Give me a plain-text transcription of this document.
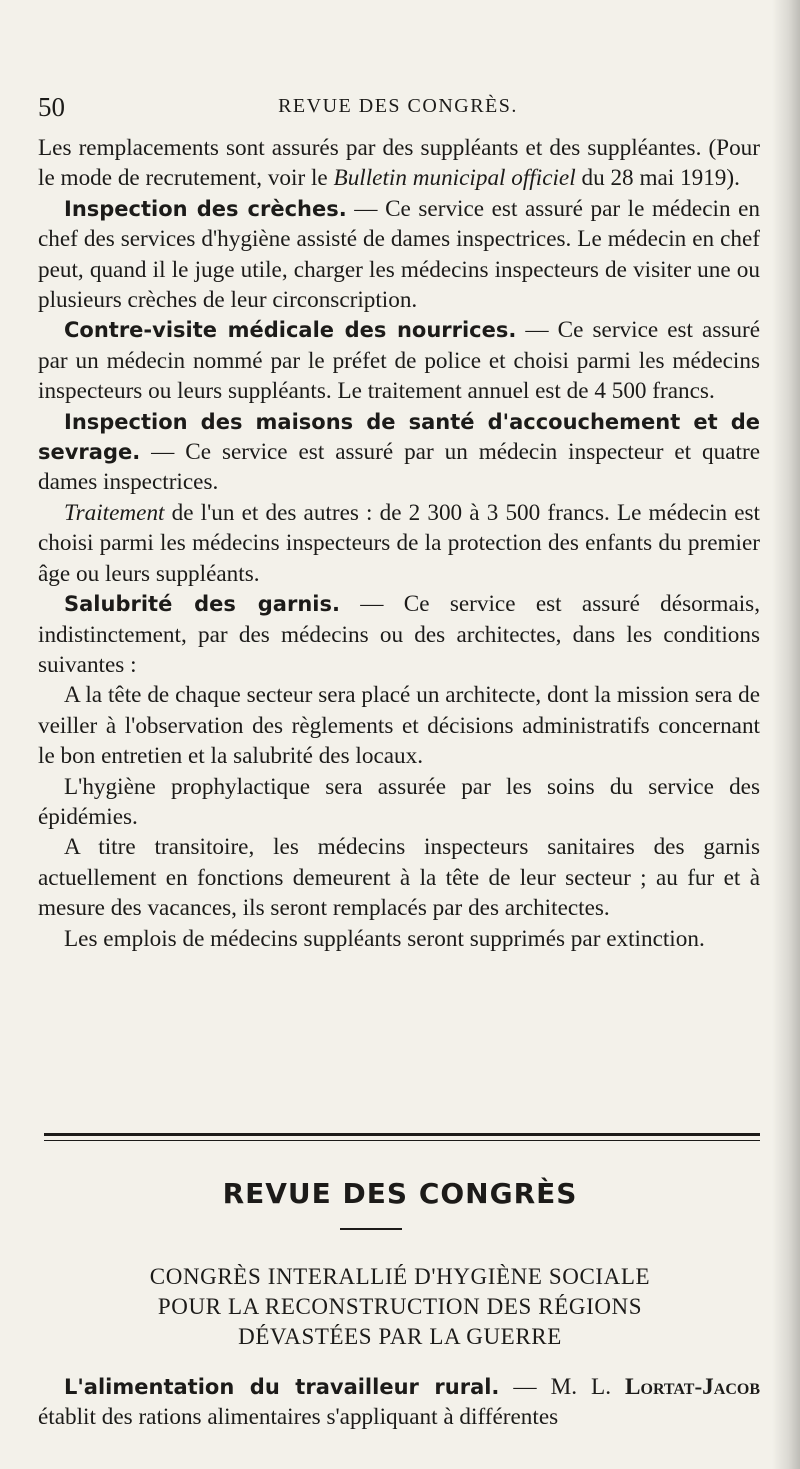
50	REVUE DES CONGRÈS.

Les remplacements sont assurés par des suppléants et des suppléantes. (Pour le mode de recrutement, voir le Bulletin municipal officiel du 28 mai 1919).

Inspection des crèches. — Ce service est assuré par le médecin en chef des services d'hygiène assisté de dames inspectrices. Le médecin en chef peut, quand il le juge utile, charger les médecins inspecteurs de visiter une ou plusieurs crèches de leur circonscription.

Contre-visite médicale des nourrices. — Ce service est assuré par un médecin nommé par le préfet de police et choisi parmi les médecins inspecteurs ou leurs suppléants. Le traitement annuel est de 4 500 francs.

Inspection des maisons de santé d'accouchement et de sevrage. — Ce service est assuré par un médecin inspecteur et quatre dames inspectrices.

Traitement de l'un et des autres : de 2 300 à 3 500 francs. Le médecin est choisi parmi les médecins inspecteurs de la protection des enfants du premier âge ou leurs suppléants.

Salubrité des garnis. — Ce service est assuré désormais, indistinctement, par des médecins ou des architectes, dans les conditions suivantes :

A la tête de chaque secteur sera placé un architecte, dont la mission sera de veiller à l'observation des règlements et décisions administratifs concernant le bon entretien et la salubrité des locaux.

L'hygiène prophylactique sera assurée par les soins du service des épidémies.

A titre transitoire, les médecins inspecteurs sanitaires des garnis actuellement en fonctions demeurent à la tête de leur secteur ; au fur et à mesure des vacances, ils seront remplacés par des architectes.

Les emplois de médecins suppléants seront supprimés par extinction.

REVUE DES CONGRÈS
CONGRÈS INTERALLIÉ D'HYGIÈNE SOCIALE
POUR LA RECONSTRUCTION DES RÉGIONS
DÉVASTÉES PAR LA GUERRE

L'alimentation du travailleur rural. — M. L. Lortat-Jacob établit des rations alimentaires s'appliquant à différentes
